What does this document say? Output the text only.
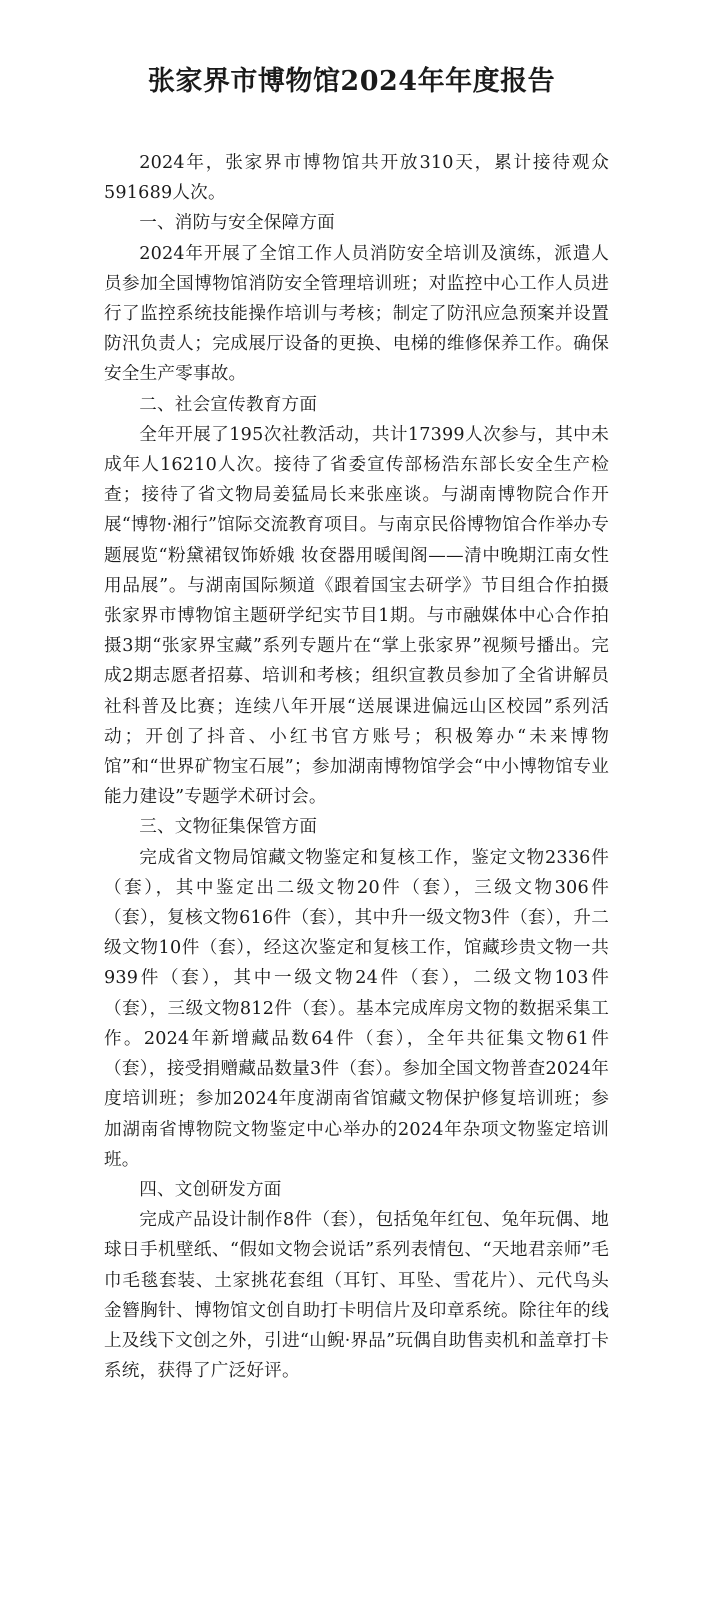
张家界市博物馆2024年年度报告

2024年，张家界市博物馆共开放310天，累计接待观众591689人次。

一、消防与安全保障方面

2024年开展了全馆工作人员消防安全培训及演练，派遣人员参加全国博物馆消防安全管理培训班；对监控中心工作人员进行了监控系统技能操作培训与考核；制定了防汛应急预案并设置防汛负责人；完成展厅设备的更换、电梯的维修保养工作。确保安全生产零事故。

二、社会宣传教育方面

全年开展了195次社教活动，共计17399人次参与，其中未成年人16210人次。接待了省委宣传部杨浩东部长安全生产检查；接待了省文物局姜猛局长来张座谈。与湖南博物院合作开展“博物·湘行”馆际交流教育项目。与南京民俗博物馆合作举办专题展览“粉黛裙钗饰娇娥 妆奁器用暖闺阁——清中晚期江南女性用品展”。与湖南国际频道《跟着国宝去研学》节目组合作拍摄张家界市博物馆主题研学纪实节目1期。与市融媒体中心合作拍摄3期“张家界宝藏”系列专题片在“掌上张家界”视频号播出。完成2期志愿者招募、培训和考核；组织宣教员参加了全省讲解员社科普及比赛；连续八年开展“送展课进偏远山区校园”系列活动；开创了抖音、小红书官方账号；积极筹办“未来博物馆”和“世界矿物宝石展”；参加湖南博物馆学会“中小博物馆专业能力建设”专题学术研讨会。

三、文物征集保管方面

完成省文物局馆藏文物鉴定和复核工作，鉴定文物2336件（套），其中鉴定出二级文物20件（套），三级文物306件（套），复核文物616件（套），其中升一级文物3件（套），升二级文物10件（套），经这次鉴定和复核工作，馆藏珍贵文物一共939件（套），其中一级文物24件（套），二级文物103件（套），三级文物812件（套）。基本完成库房文物的数据采集工作。2024年新增藏品数64件（套），全年共征集文物61件（套），接受捐赠藏品数量3件（套）。参加全国文物普查2024年度培训班；参加2024年度湖南省馆藏文物保护修复培训班；参加湖南省博物院文物鉴定中心举办的2024年杂项文物鉴定培训班。

四、文创研发方面

完成产品设计制作8件（套），包括兔年红包、兔年玩偶、地球日手机壁纸、“假如文物会说话”系列表情包、“天地君亲师”毛巾毛毯套装、土家挑花套组（耳钉、耳坠、雪花片）、元代鸟头金簪胸针、博物馆文创自助打卡明信片及印章系统。除往年的线上及线下文创之外，引进“山鲵·界品”玩偶自助售卖机和盖章打卡系统，获得了广泛好评。
